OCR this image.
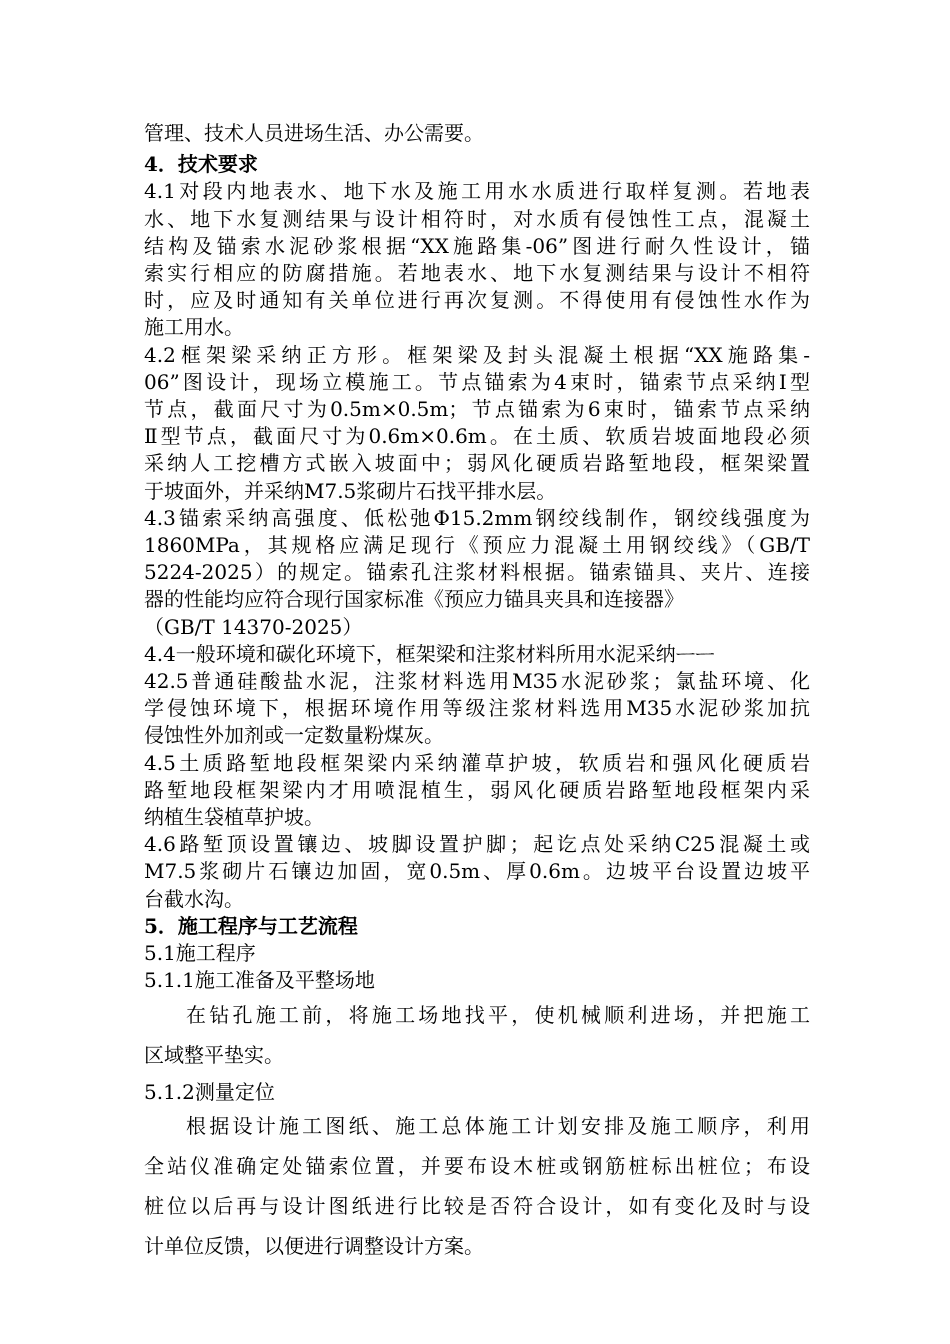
管理、技术人员进场生活、办公需要。
4．技术要求
4.1对段内地表水、地下水及施工用水水质进行取样复测。若地表
水、地下水复测结果与设计相符时，对水质有侵蚀性工点，混凝土
结构及锚索水泥砂浆根据“XX施路集-06”图进行耐久性设计，锚
索实行相应的防腐措施。若地表水、地下水复测结果与设计不相符
时，应及时通知有关单位进行再次复测。不得使用有侵蚀性水作为
施工用水。
4.2框架梁采纳正方形。框架梁及封头混凝土根据“XX施路集-
06”图设计，现场立模施工。节点锚索为4束时，锚索节点采纳I型
节点，截面尺寸为0.5m×0.5m；节点锚索为6束时，锚索节点采纳
Ⅱ型节点，截面尺寸为0.6m×0.6m。在土质、软质岩坡面地段必须
采纳人工挖槽方式嵌入坡面中；弱风化硬质岩路堑地段，框架梁置
于坡面外，并采纳M7.5浆砌片石找平排水层。
4.3锚索采纳高强度、低松弛Φ15.2mm钢绞线制作，钢绞线强度为
1860MPa，其规格应满足现行《预应力混凝土用钢绞线》（GB/T
5224-2025）的规定。锚索孔注浆材料根据。锚索锚具、夹片、连接
器的性能均应符合现行国家标准《预应力锚具夹具和连接器》
（GB/T 14370-2025）
4.4一般环境和碳化环境下，框架梁和注浆材料所用水泥采纳ᅳᅳ
42.5普通硅酸盐水泥，注浆材料选用M35水泥砂浆；氯盐环境、化
学侵蚀环境下，根据环境作用等级注浆材料选用M35水泥砂浆加抗
侵蚀性外加剂或一定数量粉煤灰。
4.5土质路堑地段框架梁内采纳灌草护坡，软质岩和强风化硬质岩
路堑地段框架梁内才用喷混植生，弱风化硬质岩路堑地段框架内采
纳植生袋植草护坡。
4.6路堑顶设置镶边、坡脚设置护脚；起讫点处采纳C25混凝土或
M7.5浆砌片石镶边加固，宽0.5m、厚0.6m。边坡平台设置边坡平
台截水沟。
5．施工程序与工艺流程
5.1施工程序
5.1.1施工准备及平整场地
在钻孔施工前，将施工场地找平，使机械顺利进场，并把施工
区域整平垫实。
5.1.2测量定位
根据设计施工图纸、施工总体施工计划安排及施工顺序，利用
全站仪准确定处锚索位置，并要布设木桩或钢筋桩标出桩位；布设
桩位以后再与设计图纸进行比较是否符合设计，如有变化及时与设
计单位反馈，以便进行调整设计方案。
